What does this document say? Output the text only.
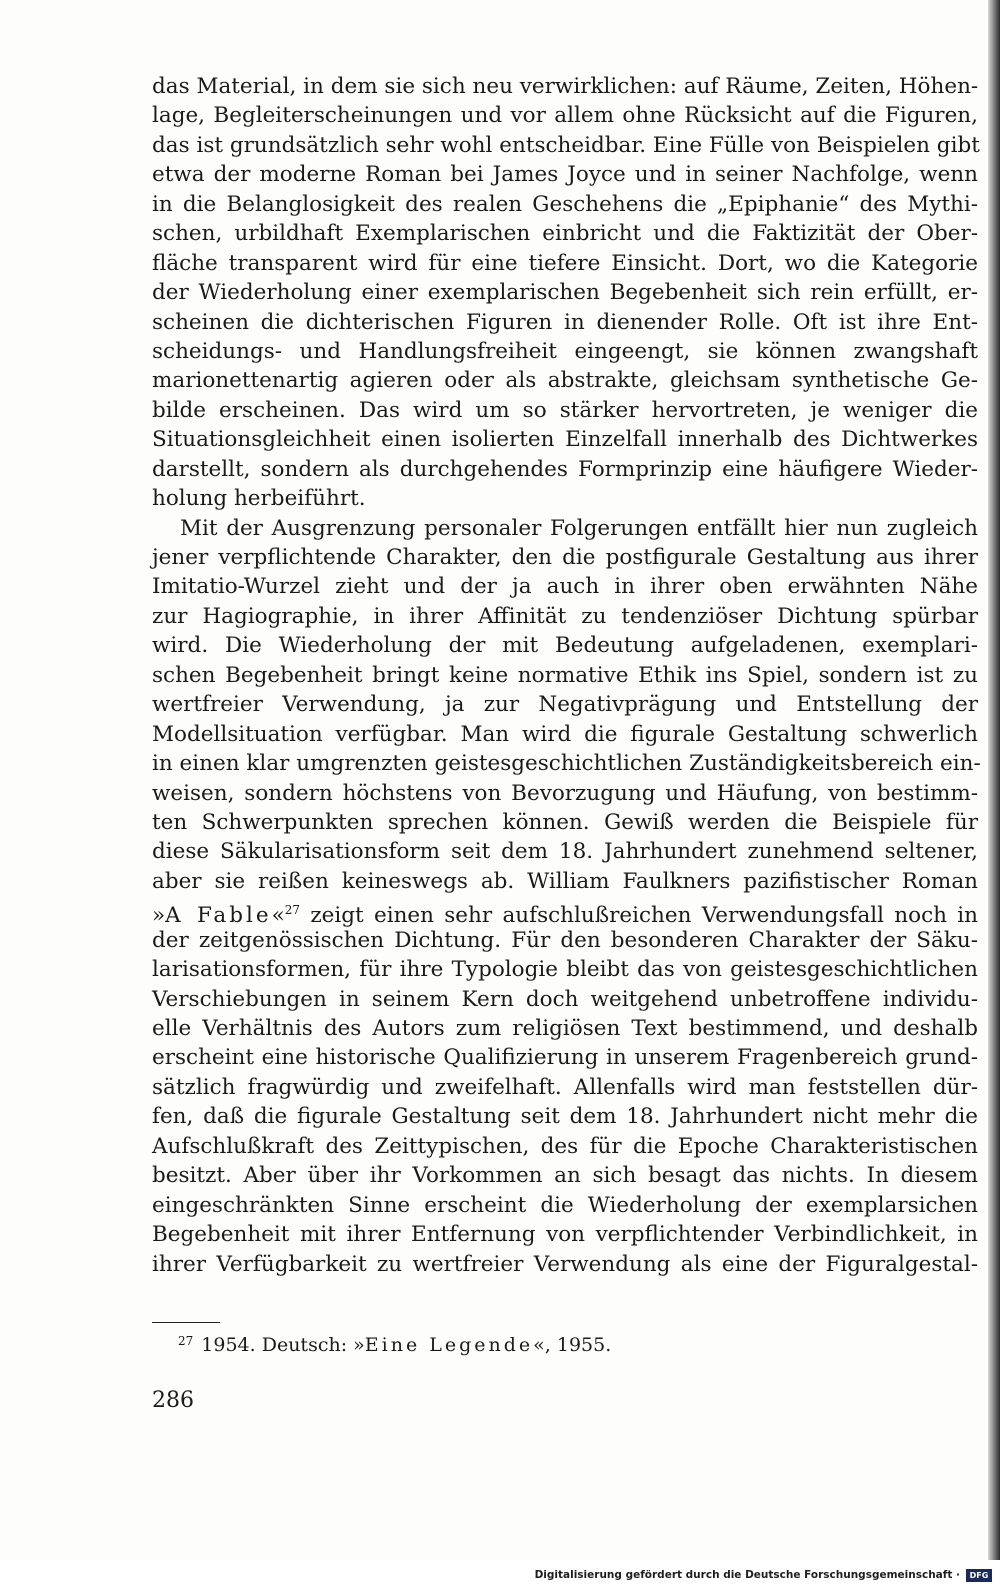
das Material, in dem sie sich neu verwirklichen: auf Räume, Zeiten, Höhen-
lage, Begleiterscheinungen und vor allem ohne Rücksicht auf die Figuren,
das ist grundsätzlich sehr wohl entscheidbar. Eine Fülle von Beispielen gibt
etwa der moderne Roman bei James Joyce und in seiner Nachfolge, wenn
in die Belanglosigkeit des realen Geschehens die „Epiphanie“ des Mythi-
schen, urbildhaft Exemplarischen einbricht und die Faktizität der Ober-
fläche transparent wird für eine tiefere Einsicht. Dort, wo die Kategorie
der Wiederholung einer exemplarischen Begebenheit sich rein erfüllt, er-
scheinen die dichterischen Figuren in dienender Rolle. Oft ist ihre Ent-
scheidungs- und Handlungsfreiheit eingeengt, sie können zwangshaft
marionettenartig agieren oder als abstrakte, gleichsam synthetische Ge-
bilde erscheinen. Das wird um so stärker hervortreten, je weniger die
Situationsgleichheit einen isolierten Einzelfall innerhalb des Dichtwerkes
darstellt, sondern als durchgehendes Formprinzip eine häufigere Wieder-
holung herbeiführt.
Mit der Ausgrenzung personaler Folgerungen entfällt hier nun zugleich
jener verpflichtende Charakter, den die postfigurale Gestaltung aus ihrer
Imitatio-Wurzel zieht und der ja auch in ihrer oben erwähnten Nähe
zur Hagiographie, in ihrer Affinität zu tendenziöser Dichtung spürbar
wird. Die Wiederholung der mit Bedeutung aufgeladenen, exemplari-
schen Begebenheit bringt keine normative Ethik ins Spiel, sondern ist zu
wertfreier Verwendung, ja zur Negativprägung und Entstellung der
Modellsituation verfügbar. Man wird die figurale Gestaltung schwerlich
in einen klar umgrenzten geistesgeschichtlichen Zuständigkeitsbereich ein-
weisen, sondern höchstens von Bevorzugung und Häufung, von bestimm-
ten Schwerpunkten sprechen können. Gewiß werden die Beispiele für
diese Säkularisationsform seit dem 18. Jahrhundert zunehmend seltener,
aber sie reißen keineswegs ab. William Faulkners pazifistischer Roman
»A Fable«$^{27}$ zeigt einen sehr aufschlußreichen Verwendungsfall noch in
der zeitgenössischen Dichtung. Für den besonderen Charakter der Säku-
larisationsformen, für ihre Typologie bleibt das von geistesgeschichtlichen
Verschiebungen in seinem Kern doch weitgehend unbetroffene individu-
elle Verhältnis des Autors zum religiösen Text bestimmend, und deshalb
erscheint eine historische Qualifizierung in unserem Fragenbereich grund-
sätzlich fragwürdig und zweifelhaft. Allenfalls wird man feststellen dür-
fen, daß die figurale Gestaltung seit dem 18. Jahrhundert nicht mehr die
Aufschlußkraft des Zeittypischen, des für die Epoche Charakteristischen
besitzt. Aber über ihr Vorkommen an sich besagt das nichts. In diesem
eingeschränkten Sinne erscheint die Wiederholung der exemplarsichen
Begebenheit mit ihrer Entfernung von verpflichtender Verbindlichkeit, in
ihrer Verfügbarkeit zu wertfreier Verwendung als eine der Figuralgestal-
$^{27}$ 1954. Deutsch: »Eine Legende«, 1955.
286
Digitalisierung gefördert durch die Deutsche Forschungsgemeinschaft ·	DFG
